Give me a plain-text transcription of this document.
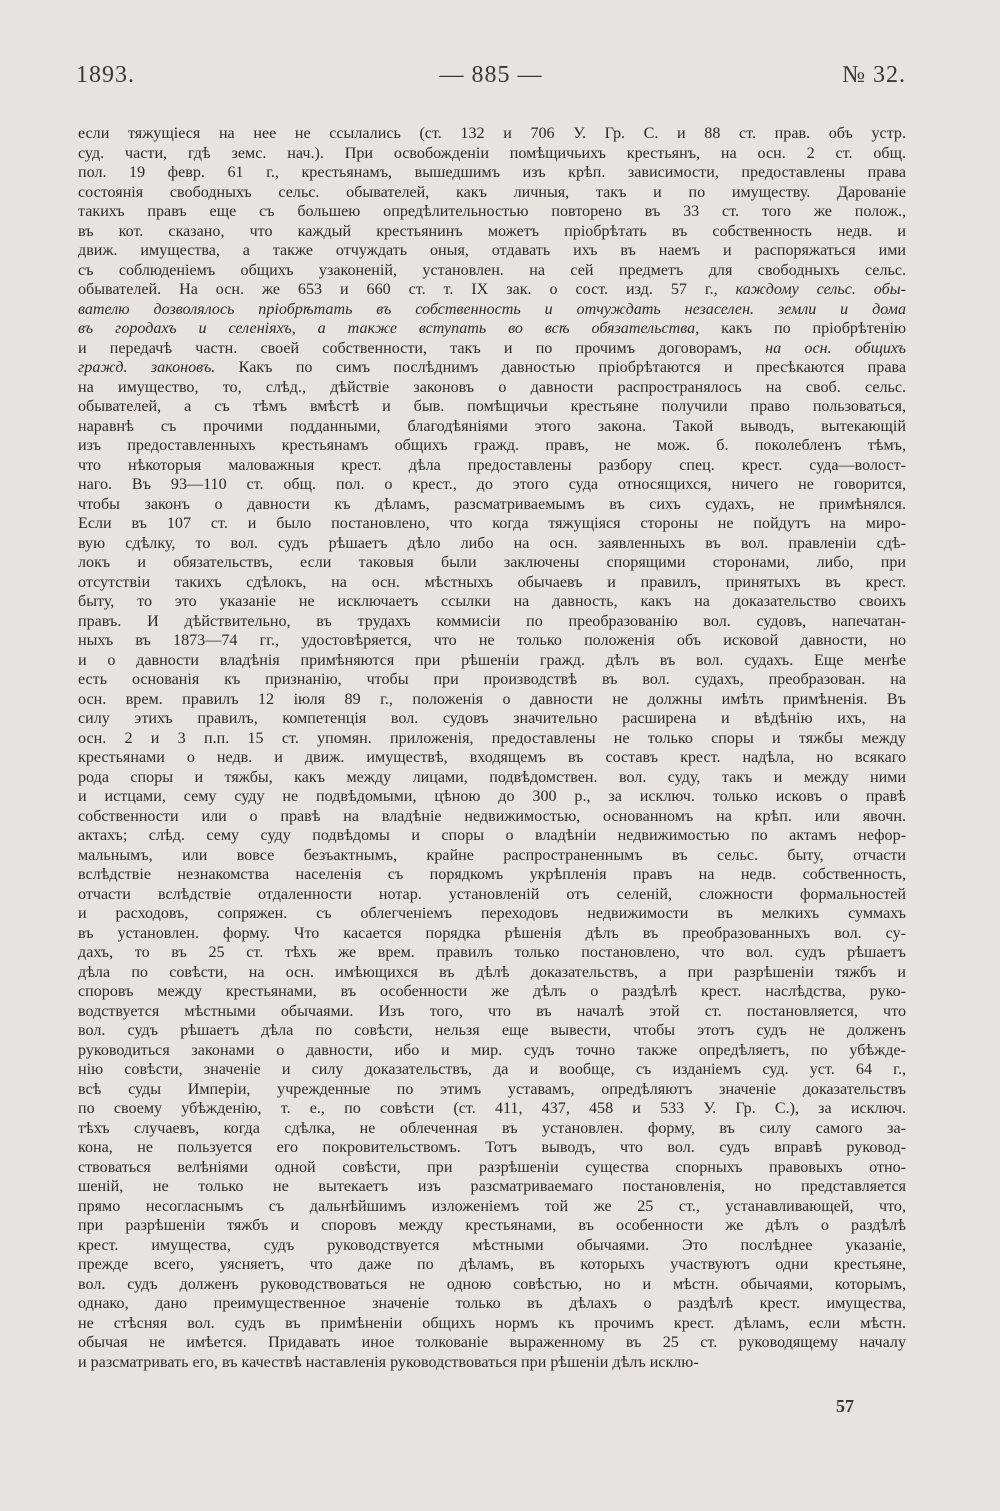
1893.	— 885 —	№ 32.
если тяжущіеся на нее не ссылались (ст. 132 и 706 У. Гр. С. и 88 ст. прав. объ устр.
суд. части, гдѣ земс. нач.). При освобожденіи помѣщичьихъ крестьянъ, на осн. 2 ст. общ.
пол. 19 февр. 61 г., крестьянамъ, вышедшимъ изъ крѣп. зависимости, предоставлены права
состоянія свободныхъ сельс. обывателей, какъ личныя, такъ и по имуществу. Дарованіе
такихъ правъ еще съ большею опредѣлительностью повторено въ 33 ст. того же полож.,
въ кот. сказано, что каждый крестьянинъ можетъ пріобрѣтать въ собственность недв. и
движ. имущества, а также отчуждать оныя, отдавать ихъ въ наемъ и распоряжаться ими
съ соблюденіемъ общихъ узаконеній, установлен. на сей предметъ для свободныхъ сельс.
обывателей. На осн. же 653 и 660 ст. т. IX зак. о сост. изд. 57 г., каждому сельс. обы-
вателю дозволялось пріобрѣтать въ собственность и отчуждать незаселен. земли и дома
въ городахъ и селеніяхъ, а также вступать во всѣ обязательства, какъ по пріобрѣтенію
и передачѣ частн. своей собственности, такъ и по прочимъ договорамъ, на осн. общихъ
гражд. законовъ. Какъ по симъ послѣднимъ давностью пріобрѣтаются и пресѣкаются права
на имущество, то, слѣд., дѣйствіе законовъ о давности распространялось на своб. сельс.
обывателей, а съ тѣмъ вмѣстѣ и быв. помѣщичьи крестьяне получили право пользоваться,
наравнѣ съ прочими подданными, благодѣяніями этого закона. Такой выводъ, вытекающій
изъ предоставленныхъ крестьянамъ общихъ гражд. правъ, не мож. б. поколебленъ тѣмъ,
что нѣкоторыя маловажныя крест. дѣла предоставлены разбору спец. крест. суда—волост-
наго. Въ 93—110 ст. общ. пол. о крест., до этого суда относящихся, ничего не говорится,
чтобы законъ о давности къ дѣламъ, разсматриваемымъ въ сихъ судахъ, не примѣнялся.
Если въ 107 ст. и было постановлено, что когда тяжущіяся стороны не пойдутъ на миро-
вую сдѣлку, то вол. судъ рѣшаетъ дѣло либо на осн. заявленныхъ въ вол. правленіи сдѣ-
локъ и обязательствъ, если таковыя были заключены спорящими сторонами, либо, при
отсутствіи такихъ сдѣлокъ, на осн. мѣстныхъ обычаевъ и правилъ, принятыхъ въ крест.
быту, то это указаніе не исключаетъ ссылки на давность, какъ на доказательство своихъ
правъ. И дѣйствительно, въ трудахъ коммисіи по преобразованію вол. судовъ, напечатан-
ныхъ въ 1873—74 гг., удостовѣряется, что не только положенія объ исковой давности, но
и о давности владѣнія примѣняются при рѣшеніи гражд. дѣлъ въ вол. судахъ. Еще менѣе
есть основанія къ признанію, чтобы при производствѣ въ вол. судахъ, преобразован. на
осн. врем. правилъ 12 іюля 89 г., положенія о давности не должны имѣть примѣненія. Въ
силу этихъ правилъ, компетенція вол. судовъ значительно расширена и вѣдѣнію ихъ, на
осн. 2 и 3 п.п. 15 ст. упомян. приложенія, предоставлены не только споры и тяжбы между
крестьянами о недв. и движ. имуществѣ, входящемъ въ составъ крест. надѣла, но всякаго
рода споры и тяжбы, какъ между лицами, подвѣдомствен. вол. суду, такъ и между ними
и истцами, сему суду не подвѣдомыми, цѣною до 300 р., за исключ. только исковъ о правѣ
собственности или о правѣ на владѣніе недвижимостью, основанномъ на крѣп. или явочн.
актахъ; слѣд. сему суду подвѣдомы и споры о владѣніи недвижимостью по актамъ нефор-
мальнымъ, или вовсе безъактнымъ, крайне распространеннымъ въ сельс. быту, отчасти
вслѣдствіе незнакомства населенія съ порядкомъ укрѣпленія правъ на недв. собственность,
отчасти вслѣдствіе отдаленности нотар. установленій отъ селеній, сложности формальностей
и расходовъ, сопряжен. съ облегченіемъ переходовъ недвижимости въ мелкихъ суммахъ
въ установлен. форму. Что касается порядка рѣшенія дѣлъ въ преобразованныхъ вол. су-
дахъ, то въ 25 ст. тѣхъ же врем. правилъ только постановлено, что вол. судъ рѣшаетъ
дѣла по совѣсти, на осн. имѣющихся въ дѣлѣ доказательствъ, а при разрѣшеніи тяжбъ и
споровъ между крестьянами, въ особенности же дѣлъ о раздѣлѣ крест. наслѣдства, руко-
водствуется мѣстными обычаями. Изъ того, что въ началѣ этой ст. постановляется, что
вол. судъ рѣшаетъ дѣла по совѣсти, нельзя еще вывести, чтобы этотъ судъ не долженъ
руководиться законами о давности, ибо и мир. судъ точно также опредѣляетъ, по убѣжде-
нію совѣсти, значеніе и силу доказательствъ, да и вообще, съ изданіемъ суд. уст. 64 г.,
всѣ суды Имперіи, учрежденные по этимъ уставамъ, опредѣляютъ значеніе доказательствъ
по своему убѣжденію, т. е., по совѣсти (ст. 411, 437, 458 и 533 У. Гр. С.), за исключ.
тѣхъ случаевъ, когда сдѣлка, не облеченная въ установлен. форму, въ силу самого за-
кона, не пользуется его покровительствомъ. Тотъ выводъ, что вол. судъ вправѣ руковод-
ствоваться велѣніями одной совѣсти, при разрѣшеніи существа спорныхъ правовыхъ отно-
шеній, не только не вытекаетъ изъ разсматриваемаго постановленія, но представляется
прямо несогласнымъ съ дальнѣйшимъ изложеніемъ той же 25 ст., устанавливающей, что,
при разрѣшеніи тяжбъ и споровъ между крестьянами, въ особенности же дѣлъ о раздѣлѣ
крест. имущества, судъ руководствуется мѣстными обычаями. Это послѣднее указаніе,
прежде всего, уясняетъ, что даже по дѣламъ, въ которыхъ участвуютъ одни крестьяне,
вол. судъ долженъ руководствоваться не одною совѣстью, но и мѣстн. обычаями, которымъ,
однако, дано преимущественное значеніе только въ дѣлахъ о раздѣлѣ крест. имущества,
не стѣсняя вол. судъ въ примѣненіи общихъ нормъ къ прочимъ крест. дѣламъ, если мѣстн.
обычая не имѣется. Придавать иное толкованіе выраженному въ 25 ст. руководящему началу
и разсматривать его, въ качествѣ наставленія руководствоваться при рѣшеніи дѣлъ исклю-
57
